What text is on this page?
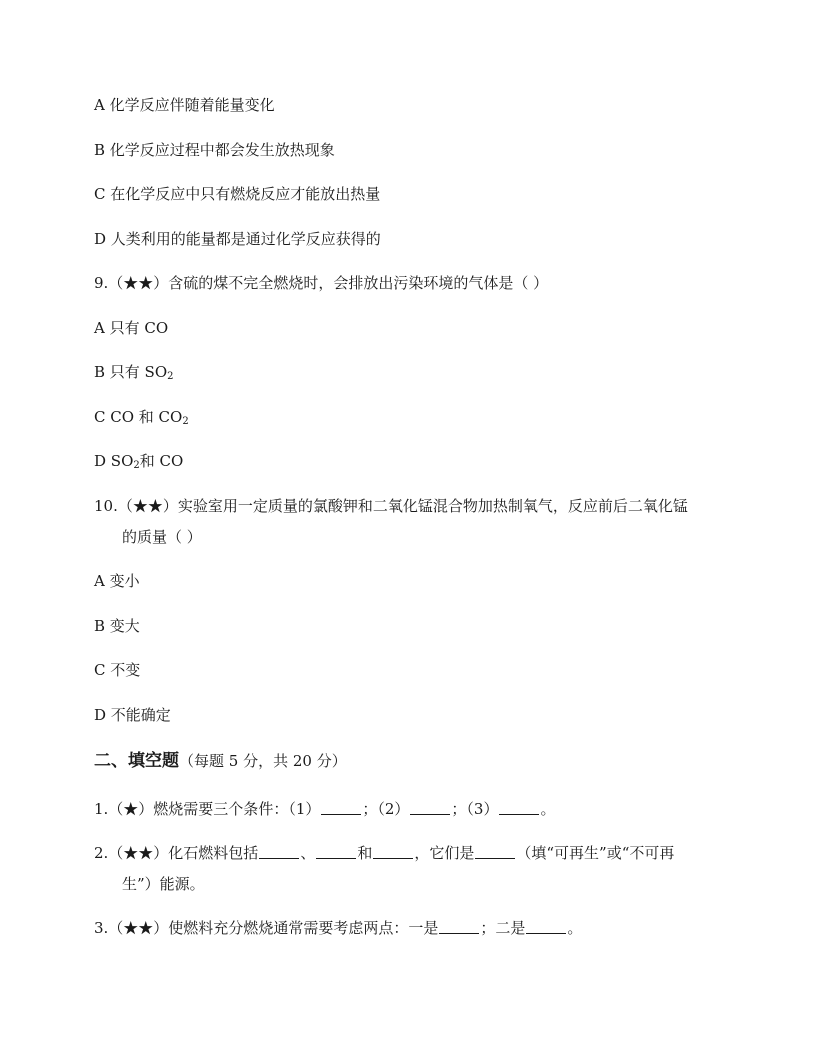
A 化学反应伴随着能量变化
B 化学反应过程中都会发生放热现象
C 在化学反应中只有燃烧反应才能放出热量
D 人类利用的能量都是通过化学反应获得的
9.（★★）含硫的煤不完全燃烧时，会排放出污染环境的气体是（ ）
A 只有 CO
B 只有 $SO_2$
C CO 和 $CO_2$
D $SO_2$和 CO
10.（★★）实验室用一定质量的氯酸钾和二氧化锰混合物加热制氧气，反应前后二氧化锰
的质量（ ）
A 变小
B 变大
C 不变
D 不能确定
二、填空题（每题 5 分，共 20 分）
1.（★）燃烧需要三个条件：（1）	；（2）	；（3）	。
2.（★★）化石燃料包括	、	和	，它们是	（填“可再生”或“不可再
生”）能源。
3.（★★）使燃料充分燃烧通常需要考虑两点：一是	；二是	。
